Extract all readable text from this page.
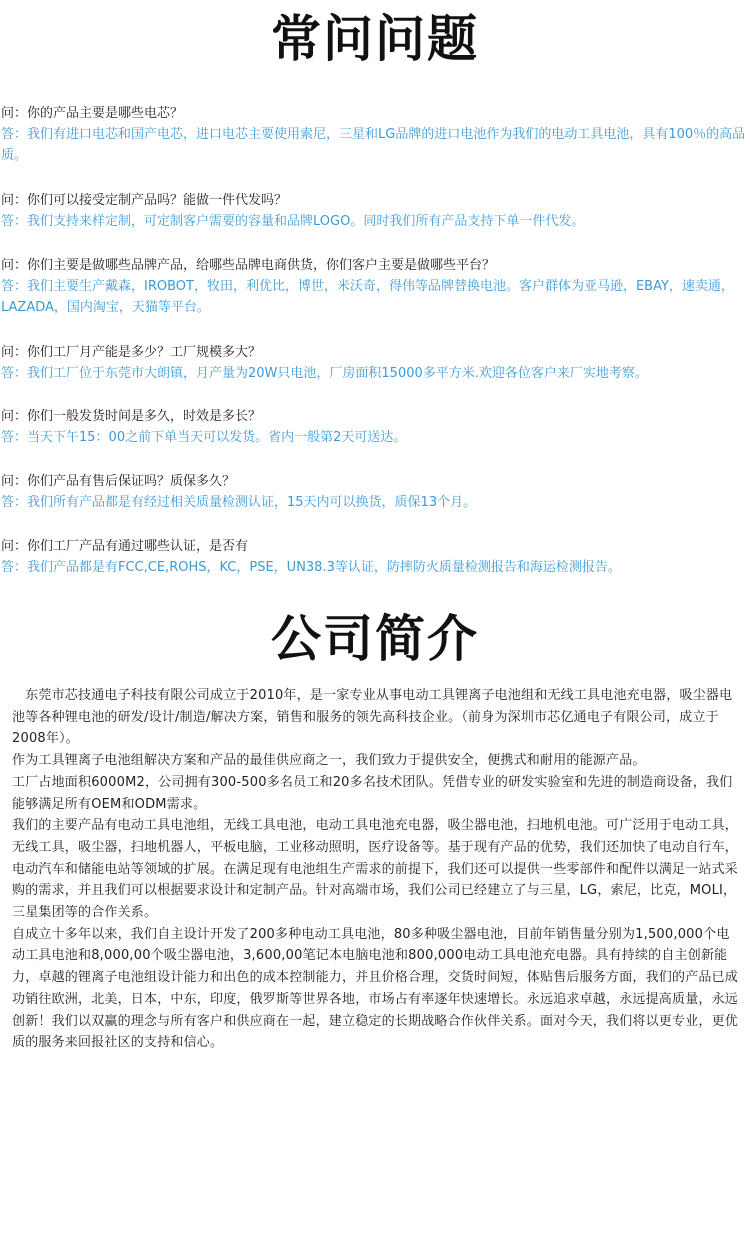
常问问题

问：你的产品主要是哪些电芯？

答：我们有进口电芯和国产电芯，进口电芯主要使用索尼，三星和LG品牌的进口电池作为我们的电动工具电池，具有100％的高品质。

问：你们可以接受定制产品吗？能做一件代发吗？

答：我们支持来样定制，可定制客户需要的容量和品牌LOGO。同时我们所有产品支持下单一件代发。

问：你们主要是做哪些品牌产品，给哪些品牌电商供货，你们客户主要是做哪些平台？

答：我们主要生产戴森，IROBOT，牧田，利优比，博世，米沃奇，得伟等品牌替换电池。客户群体为亚马逊，EBAY，速卖通，LAZADA，国内淘宝，天猫等平台。

问：你们工厂月产能是多少？工厂规模多大？

答：我们工厂位于东莞市大朗镇，月产量为20W只电池，厂房面积15000多平方米.欢迎各位客户来厂实地考察。

问：你们一般发货时间是多久，时效是多长？

答：当天下午15：00之前下单当天可以发货。省内一般第2天可送达。

问：你们产品有售后保证吗？质保多久？

答：我们所有产品都是有经过相关质量检测认证，15天内可以换货，质保13个月。

问：你们工厂产品有通过哪些认证，是否有

答：我们产品都是有FCC,CE,ROHS，KC，PSE，UN38.3等认证，防摔防火质量检测报告和海运检测报告。

公司简介

　东莞市芯技通电子科技有限公司成立于2010年，是一家专业从事电动工具锂离子电池组和无线工具电池充电器，吸尘器电池等各种锂电池的研发/设计/制造/解决方案，销售和服务的领先高科技企业。（前身为深圳市芯亿通电子有限公司，成立于2008年）。

作为工具锂离子电池组解决方案和产品的最佳供应商之一，我们致力于提供安全，便携式和耐用的能源产品。

工厂占地面积6000M2，公司拥有300-500多名员工和20多名技术团队。凭借专业的研发实验室和先进的制造商设备，我们能够满足所有OEM和ODM需求。

我们的主要产品有电动工具电池组，无线工具电池，电动工具电池充电器，吸尘器电池，扫地机电池。可广泛用于电动工具，无线工具，吸尘器，扫地机器人，平板电脑，工业移动照明，医疗设备等。基于现有产品的优势，我们还加快了电动自行车，电动汽车和储能电站等领域的扩展。在满足现有电池组生产需求的前提下，我们还可以提供一些零部件和配件以满足一站式采购的需求，并且我们可以根据要求设计和定制产品。针对高端市场，我们公司已经建立了与三星，LG，索尼，比克，MOLI，三星集团等的合作关系。

自成立十多年以来，我们自主设计开发了200多种电动工具电池，80多种吸尘器电池，目前年销售量分别为1,500,000个电动工具电池和8,000,00个吸尘器电池，3,600,00笔记本电脑电池和800,000电动工具电池充电器。具有持续的自主创新能力，卓越的锂离子电池组设计能力和出色的成本控制能力，并且价格合理，交货时间短，体贴售后服务方面，我们的产品已成功销往欧洲，北美，日本，中东，印度，俄罗斯等世界各地，市场占有率逐年快速增长。永远追求卓越，永远提高质量，永远创新！我们以双赢的理念与所有客户和供应商在一起，建立稳定的长期战略合作伙伴关系。面对今天，我们将以更专业，更优质的服务来回报社区的支持和信心。
